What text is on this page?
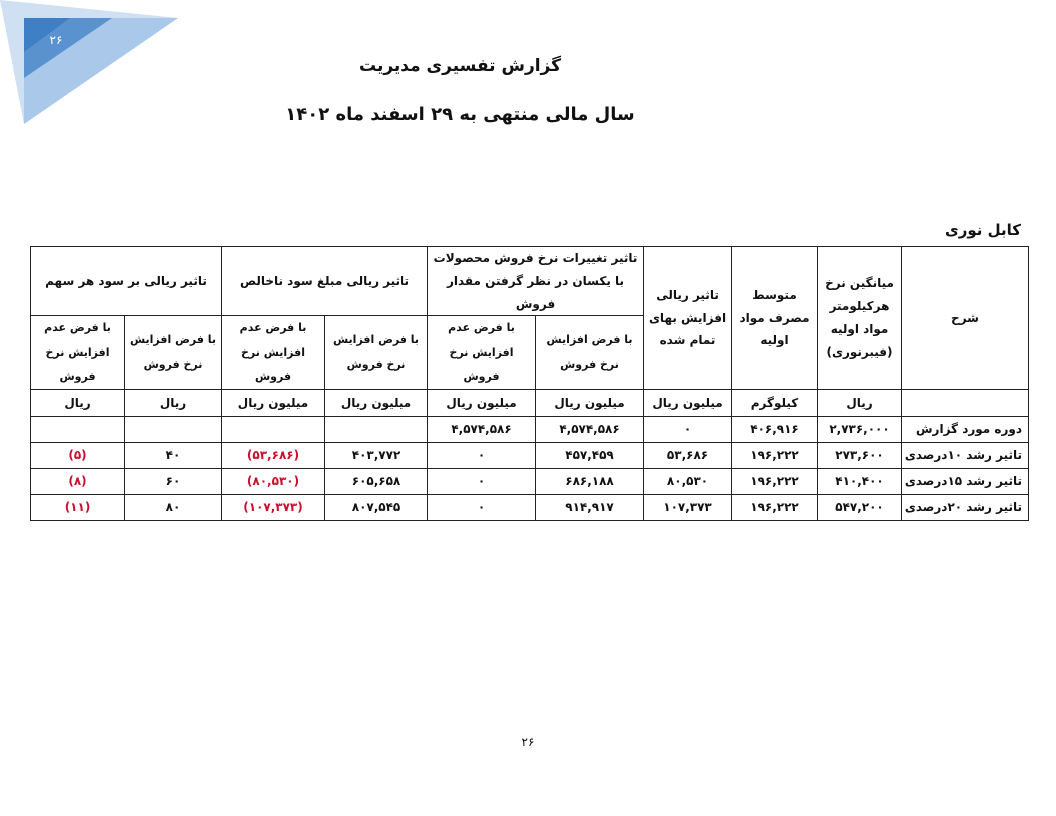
۲۶
گزارش تفسیری مدیریت
سال مالی منتهی به ۲۹ اسفند ماه ۱۴۰۲
کابل نوری
شرح	میانگین نرخ هرکیلومتر مواد اولیه (فیبرنوری)	متوسط مصرف مواد اولیه	تاثیر ریالی افزایش بهای تمام شده	تاثیر تغییرات نرخ فروش محصولات با یکسان در نظر گرفتن مقدار فروش		تاثیر ریالی مبلغ سود ناخالص		تاثیر ریالی بر سود هر سهم	
				با فرض افزایش نرخ فروش	با فرض عدم افزایش نرخ فروش	با فرض افزایش نرخ فروش	با فرض عدم افزایش نرخ فروش	با فرض افزایش نرخ فروش	با فرض عدم افزایش نرخ فروش
	ریال	کیلوگرم	میلیون ریال	میلیون ریال	میلیون ریال	میلیون ریال	میلیون ریال	ریال	ریال
دوره مورد گزارش	۲,۷۳۶,۰۰۰	۴۰۶,۹۱۶	۰	۴,۵۷۴,۵۸۶	۴,۵۷۴,۵۸۶				
تاثیر رشد ۱۰درصدی	۲۷۳,۶۰۰	۱۹۶,۲۲۲	۵۳,۶۸۶	۴۵۷,۴۵۹	۰	۴۰۳,۷۷۲	(۵۳,۶۸۶)	۴۰	(۵)
تاثیر رشد ۱۵درصدی	۴۱۰,۴۰۰	۱۹۶,۲۲۲	۸۰,۵۳۰	۶۸۶,۱۸۸	۰	۶۰۵,۶۵۸	(۸۰,۵۳۰)	۶۰	(۸)
تاثیر رشد ۲۰درصدی	۵۴۷,۲۰۰	۱۹۶,۲۲۲	۱۰۷,۳۷۳	۹۱۴,۹۱۷	۰	۸۰۷,۵۴۵	(۱۰۷,۳۷۳)	۸۰	(۱۱)
۲۶
